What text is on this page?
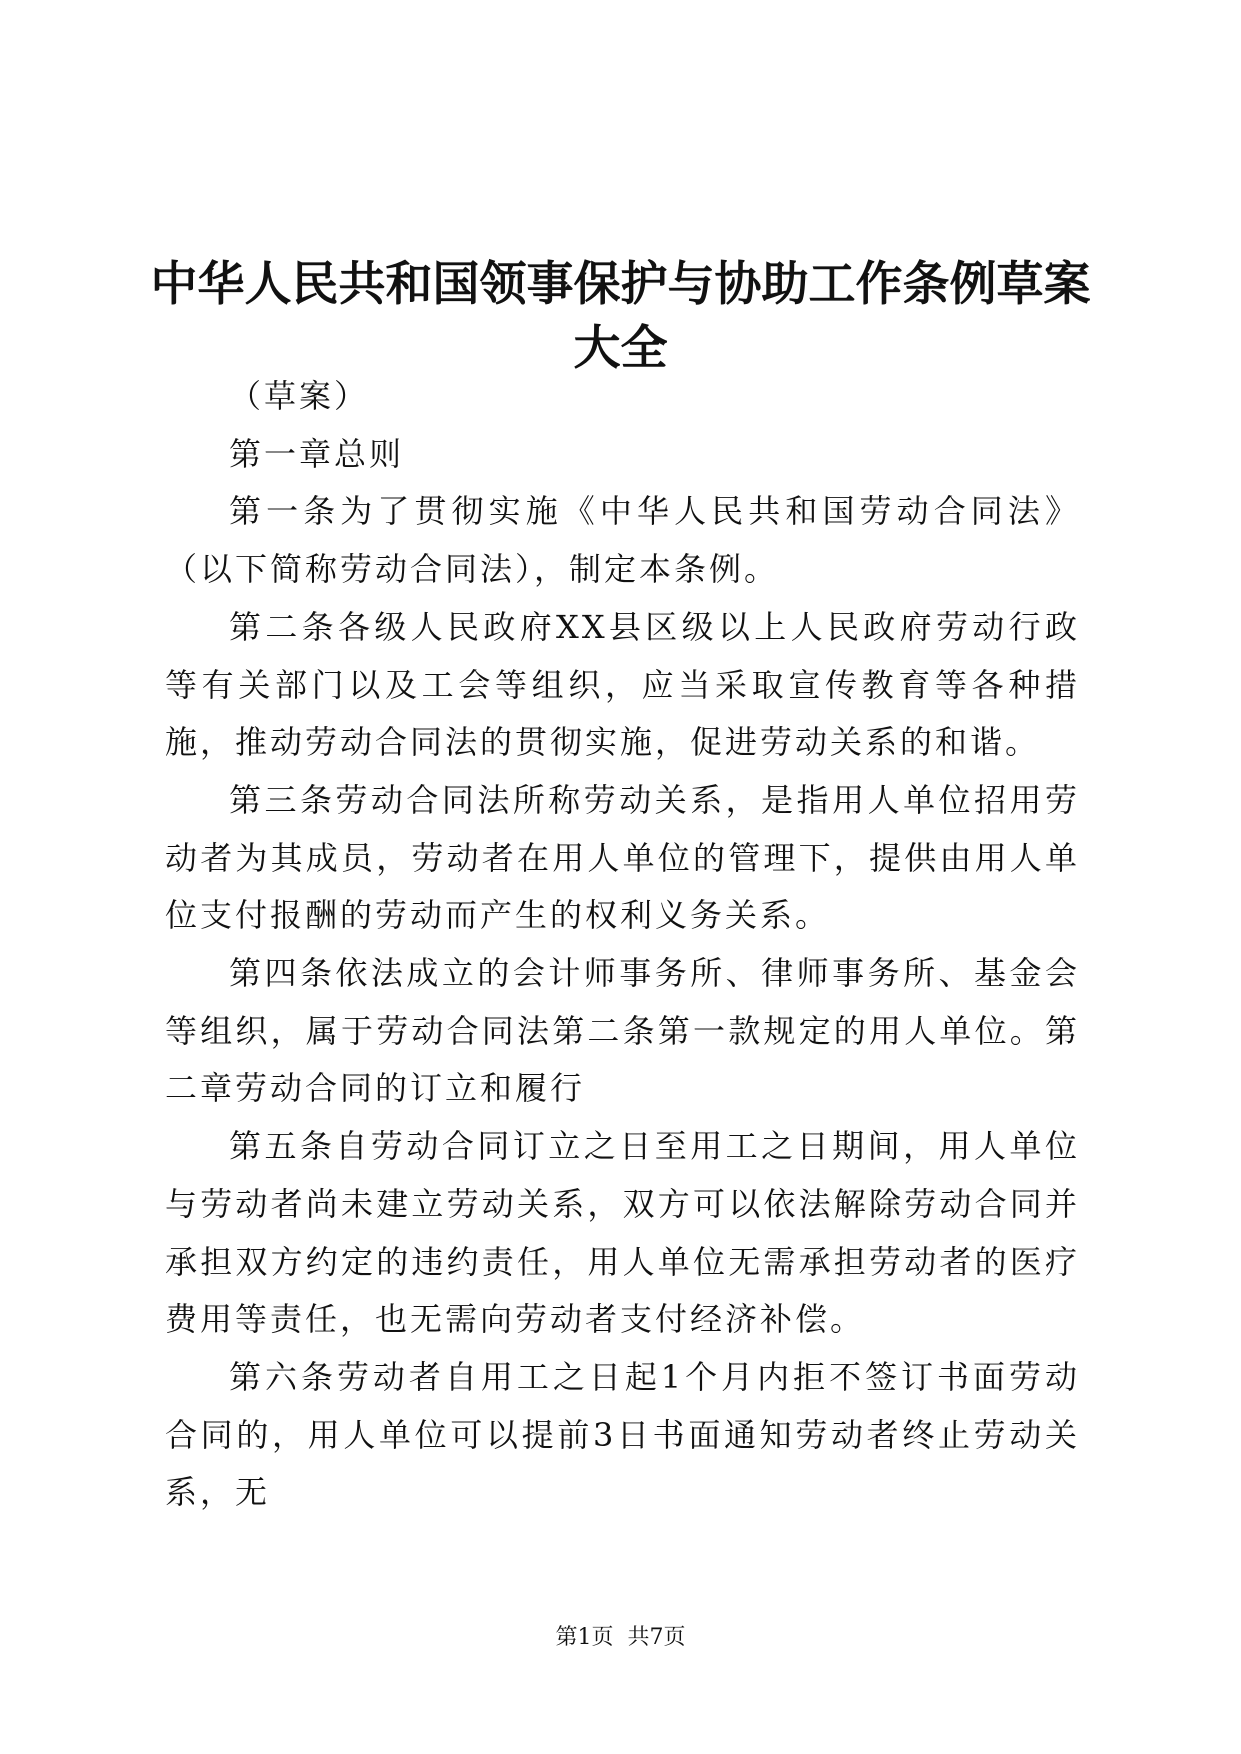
中华人民共和国领事保护与协助工作条例草案大全

（草案）

第一章总则

第一条为了贯彻实施《中华人民共和国劳动合同法》（以下简称劳动合同法），制定本条例。

第二条各级人民政府XX县区级以上人民政府劳动行政等有关部门以及工会等组织，应当采取宣传教育等各种措施，推动劳动合同法的贯彻实施，促进劳动关系的和谐。

第三条劳动合同法所称劳动关系，是指用人单位招用劳动者为其成员，劳动者在用人单位的管理下，提供由用人单位支付报酬的劳动而产生的权利义务关系。

第四条依法成立的会计师事务所、律师事务所、基金会等组织，属于劳动合同法第二条第一款规定的用人单位。第二章劳动合同的订立和履行

第五条自劳动合同订立之日至用工之日期间，用人单位与劳动者尚未建立劳动关系，双方可以依法解除劳动合同并承担双方约定的违约责任，用人单位无需承担劳动者的医疗费用等责任，也无需向劳动者支付经济补偿。

第六条劳动者自用工之日起1个月内拒不签订书面劳动合同的，用人单位可以提前3日书面通知劳动者终止劳动关系，无

第1页  共7页
